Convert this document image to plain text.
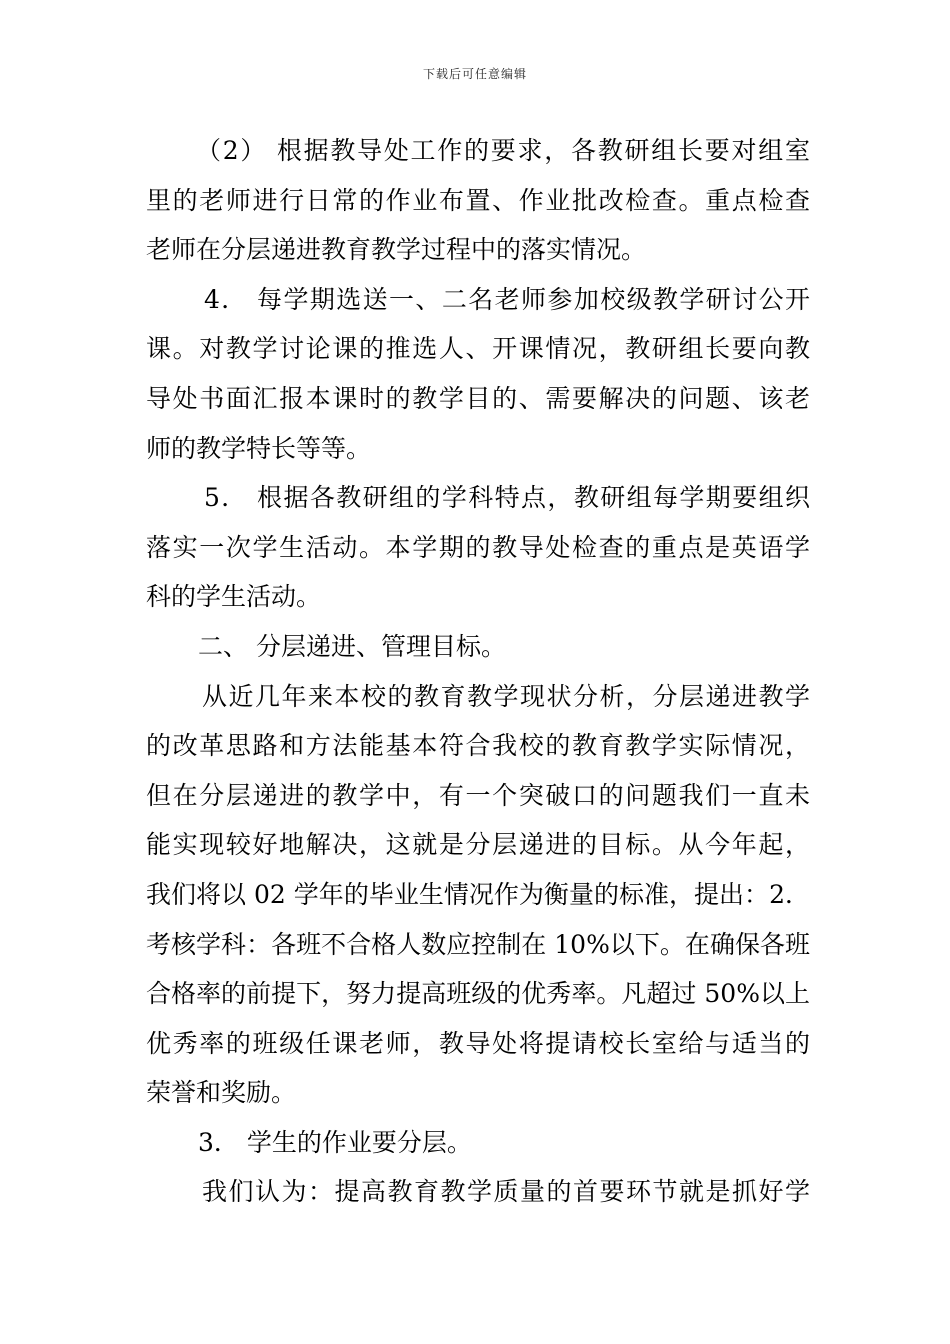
下载后可任意编辑
（2） 根据教导处工作的要求，各教研组长要对组室
里的老师进行日常的作业布置、作业批改检查。重点检查
老师在分层递进教育教学过程中的落实情况。
4． 每学期选送一、二名老师参加校级教学研讨公开
课。对教学讨论课的推选人、开课情况，教研组长要向教
导处书面汇报本课时的教学目的、需要解决的问题、该老
师的教学特长等等。
5． 根据各教研组的学科特点，教研组每学期要组织
落实一次学生活动。本学期的教导处检查的重点是英语学
科的学生活动。
二、 分层递进、管理目标。
从近几年来本校的教育教学现状分析，分层递进教学
的改革思路和方法能基本符合我校的教育教学实际情况，
但在分层递进的教学中，有一个突破口的问题我们一直未
能实现较好地解决，这就是分层递进的目标。从今年起，
我们将以 02 学年的毕业生情况作为衡量的标准，提出：2．
考核学科：各班不合格人数应控制在 10%以下。在确保各班
合格率的前提下，努力提高班级的优秀率。凡超过 50%以上
优秀率的班级任课老师，教导处将提请校长室给与适当的
荣誉和奖励。
3． 学生的作业要分层。
我们认为：提高教育教学质量的首要环节就是抓好学
